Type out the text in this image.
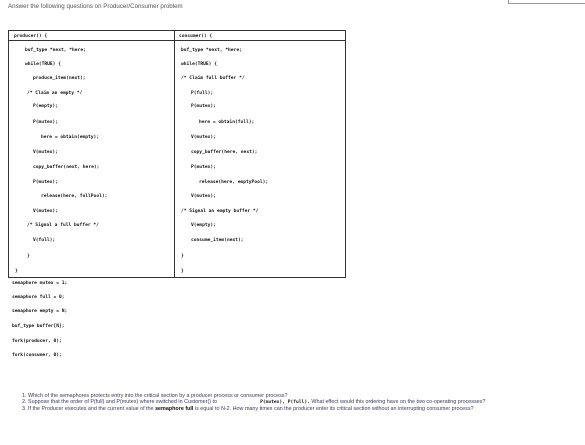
Answer the following questions on Producer/Consumer problem
producer() {
buf_type *next, *here;
while(TRUE) {
produce_item(next);
/* Claim an empty */
P(empty);
P(mutex);
here = obtain(empty);
V(mutex);
copy_buffer(next, here);
P(mutex);
release(here, fullPool);
V(mutex);
/* Signal a full buffer */
V(full);
}
}
consumer() {
buf_type *next, *here;
while(TRUE) {
/* Claim full buffer */
P(full);
P(mutex);
here = obtain(full);
V(mutex);
copy_buffer(here, next);
P(mutex);
release(here, emptyPool);
V(mutex);
/* Signal an empty buffer */
V(empty);
consume_item(next);
}
}
semaphore mutex = 1;
semaphore full = 0;
semaphore empty = N;
buf_type buffer[N];
fork(producer, 0);
fork(consumer, 0);

1. Which of the semaphores protects entry into the critical section by a producer process or consumer process?

2. Suppose that the order of P(full) and P(mutex) where switched in Customer() to	P(mutex), P(full). What effect would this ordering have on the two co-operating processes?

3. If the Producer executes and the current value of the semaphore full is equal to N-2. How many times can the producer enter its critical section without an interrupting consumer process?
